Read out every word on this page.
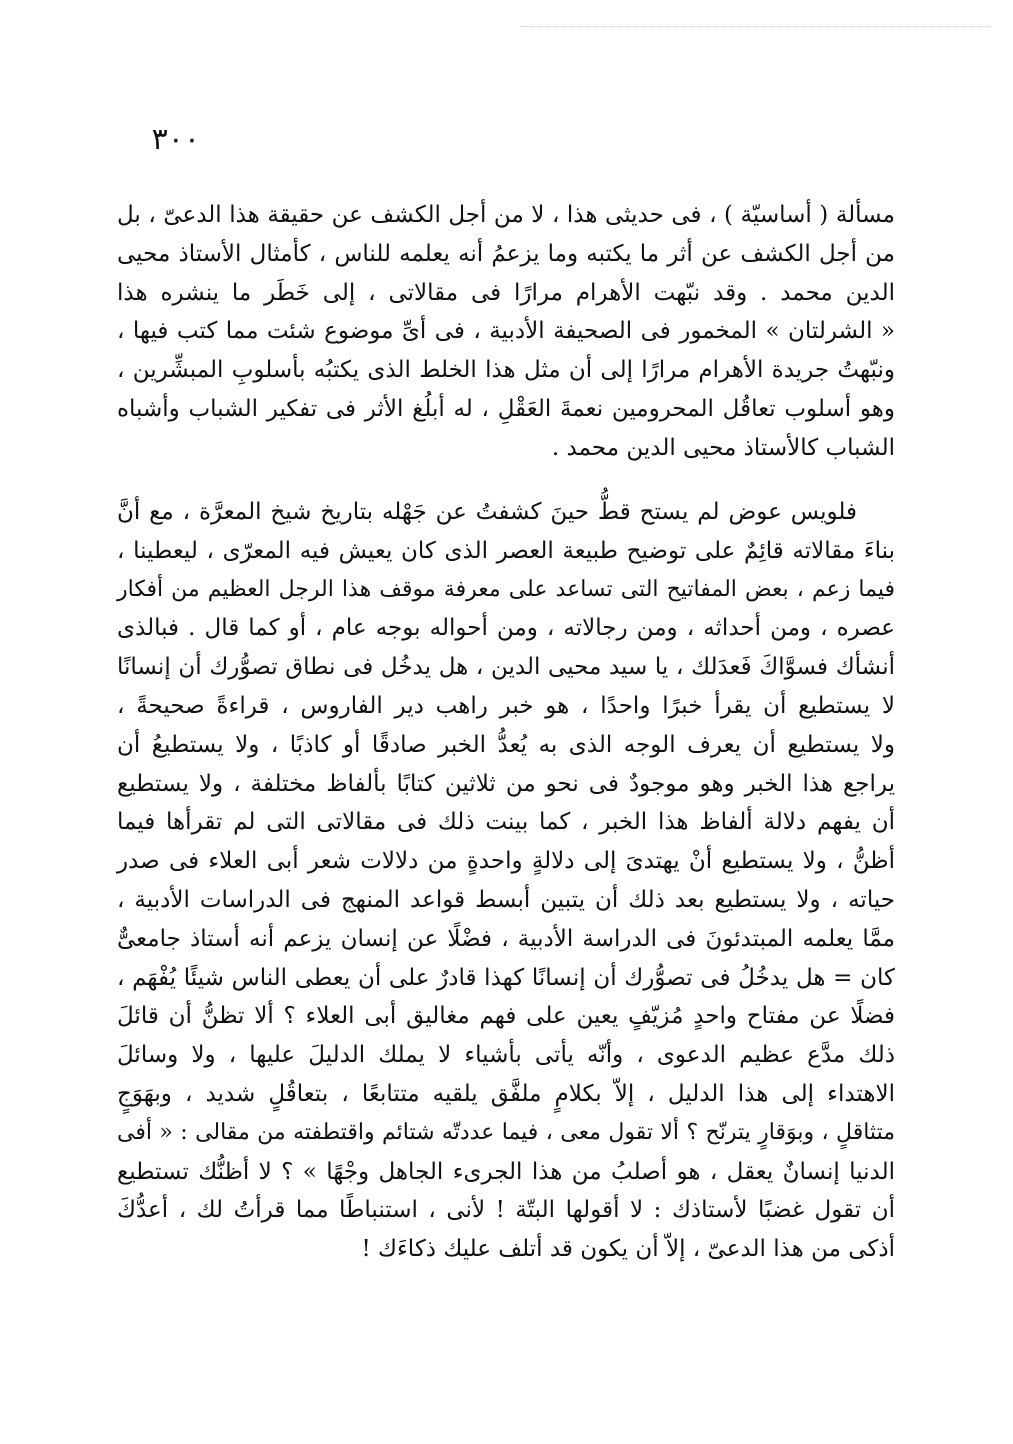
٣٠٠
مسألة ( أساسيّة ) ، فى حديثى هذا ، لا من أجل الكشف عن حقيقة هذا الدعىّ ، بل
من أجل الكشف عن أثر ما يكتبه وما يزعمُ أنه يعلمه للناس ، كأمثال الأستاذ محيى
الدين محمد . وقد نبّهت الأهرام مرارًا فى مقالاتى ، إلى خَطَر ما ينشره هذا
« الشرلتان » المخمور فى الصحيفة الأدبية ، فى أىِّ موضوع شئت مما كتب فيها ،
ونبّهتُ جريدة الأهرام مرارًا إلى أن مثل هذا الخلط الذى يكتبُه بأسلوبِ المبشِّرين ،
وهو أسلوب تعاقُل المحرومين نعمةَ العَقْلِ ، له أبلُغ الأثر فى تفكير الشباب وأشباه
الشباب كالأستاذ محيى الدين محمد .
فلويس عوض لم يستح قطُّ حينَ كشفتُ عن جَهْله بتاريخ شيخ المعرَّة ، مع أنَّ
بناءَ مقالاته قائِمٌ على توضيح طبيعة العصر الذى كان يعيش فيه المعرّى ، ليعطينا ،
فيما زعم ، بعض المفاتيح التى تساعد على معرفة موقف هذا الرجل العظيم من أفكار
عصره ، ومن أحداثه ، ومن رجالاته ، ومن أحواله بوجه عام ، أو كما قال . فبالذى
أنشأك فسوَّاكَ فَعدَلك ، يا سيد محيى الدين ، هل يدخُل فى نطاق تصوُّرك أن إنسانًا
لا يستطيع أن يقرأ خبرًا واحدًا ، هو خبر راهب دير الفاروس ، قراءةً صحيحةً ،
ولا يستطيع أن يعرف الوجه الذى به يُعدُّ الخبر صادقًا أو كاذبًا ، ولا يستطيعُ أن
يراجع هذا الخبر وهو موجودٌ فى نحو من ثلاثين كتابًا بألفاظ مختلفة ، ولا يستطيع
أن يفهم دلالة ألفاظ هذا الخبر ، كما بينت ذلك فى مقالاتى التى لم تقرأها فيما
أظنُّ ، ولا يستطيع أنْ يهتدىَ إلى دلالةٍ واحدةٍ من دلالات شعر أبى العلاء فى صدر
حياته ، ولا يستطيع بعد ذلك أن يتبين أبسط قواعد المنهج فى الدراسات الأدبية ،
ممَّا يعلمه المبتدئونَ فى الدراسة الأدبية ، فضْلًا عن إنسان يزعم أنه أستاذ جامعىٌّ
كان = هل يدخُلُ فى تصوُّرك أن إنسانًا كهذا قادرٌ على أن يعطى الناس شيئًا يُفْهَم ،
فضلًا عن مفتاح واحدٍ مُزيّفٍ يعين على فهم مغاليق أبى العلاء ؟ ألا تظنُّ أن قائلَ
ذلك مدَّع عظيم الدعوى ، وأنّه يأتى بأشياء لا يملك الدليلَ عليها ، ولا وسائلَ
الاهتداء إلى هذا الدليل ، إلاّ بكلامٍ ملفَّق يلقيه متتابعًا ، بتعاقُلٍ شديد ، وبهَوَجٍ
متثاقلٍ ، وبوَقارٍ يترنّح ؟ ألا تقول معى ، فيما عددتّه شتائم واقتطفته من مقالى : « أفى
الدنيا إنسانٌ يعقل ، هو أصلبُ من هذا الجرىء الجاهل وجْهًا » ؟ لا أظنُّك تستطيع
أن تقول غضبًا لأستاذك : لا أقولها البتّة ! لأنى ، استنباطًا مما قرأتُ لك ، أعدُّكَ
أذكى من هذا الدعىّ ، إلاّ أن يكون قد أتلف عليك ذكاءَك !
